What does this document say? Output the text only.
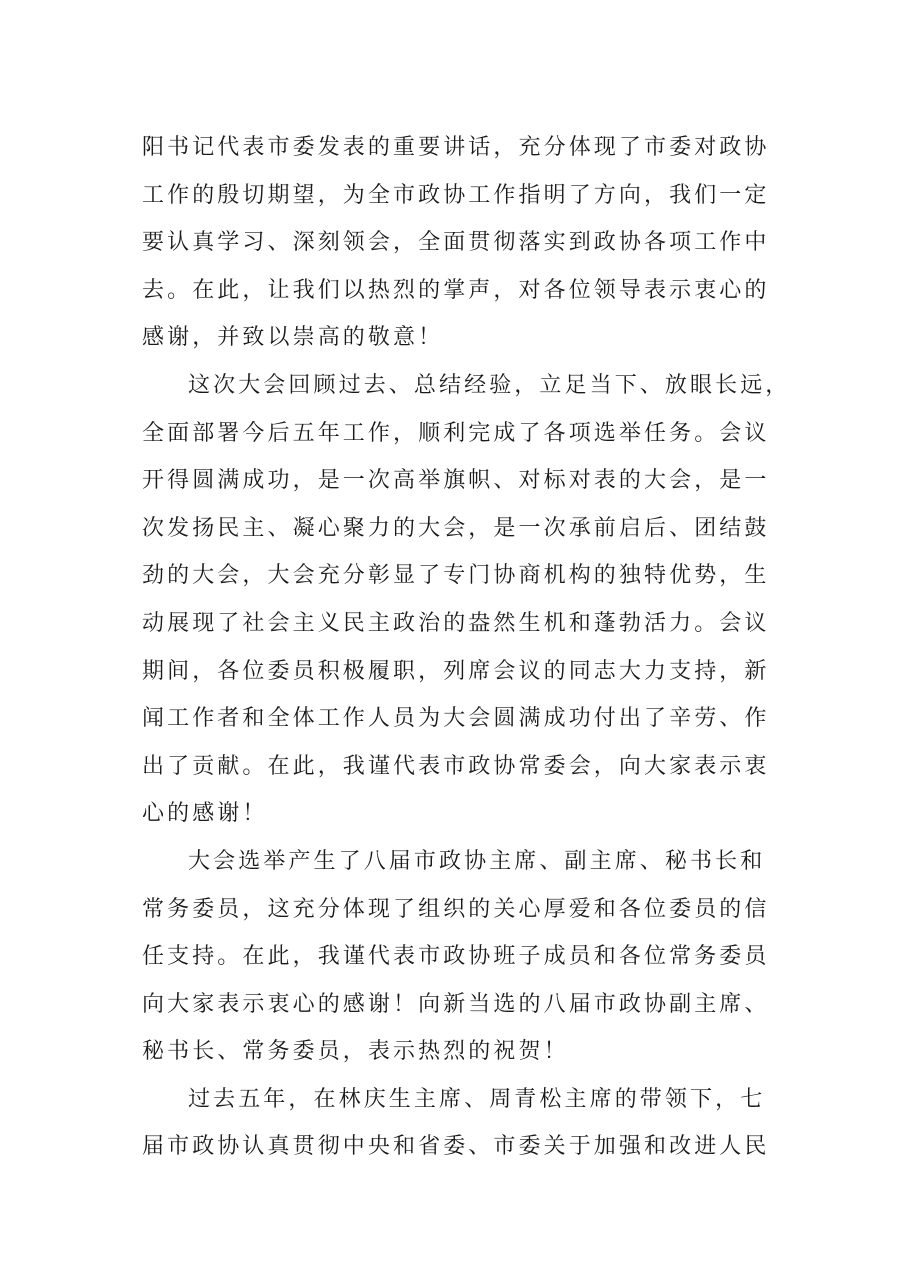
阳书记代表市委发表的重要讲话，充分体现了市委对政协
工作的殷切期望，为全市政协工作指明了方向，我们一定
要认真学习、深刻领会，全面贯彻落实到政协各项工作中
去。在此，让我们以热烈的掌声，对各位领导表示衷心的
感谢，并致以崇高的敬意！
这次大会回顾过去、总结经验，立足当下、放眼长远，
全面部署今后五年工作，顺利完成了各项选举任务。会议
开得圆满成功，是一次高举旗帜、对标对表的大会，是一
次发扬民主、凝心聚力的大会，是一次承前启后、团结鼓
劲的大会，大会充分彰显了专门协商机构的独特优势，生
动展现了社会主义民主政治的盎然生机和蓬勃活力。会议
期间，各位委员积极履职，列席会议的同志大力支持，新
闻工作者和全体工作人员为大会圆满成功付出了辛劳、作
出了贡献。在此，我谨代表市政协常委会，向大家表示衷
心的感谢！
大会选举产生了八届市政协主席、副主席、秘书长和
常务委员，这充分体现了组织的关心厚爱和各位委员的信
任支持。在此，我谨代表市政协班子成员和各位常务委员
向大家表示衷心的感谢！向新当选的八届市政协副主席、
秘书长、常务委员，表示热烈的祝贺！
过去五年，在林庆生主席、周青松主席的带领下，七
届市政协认真贯彻中央和省委、市委关于加强和改进人民
